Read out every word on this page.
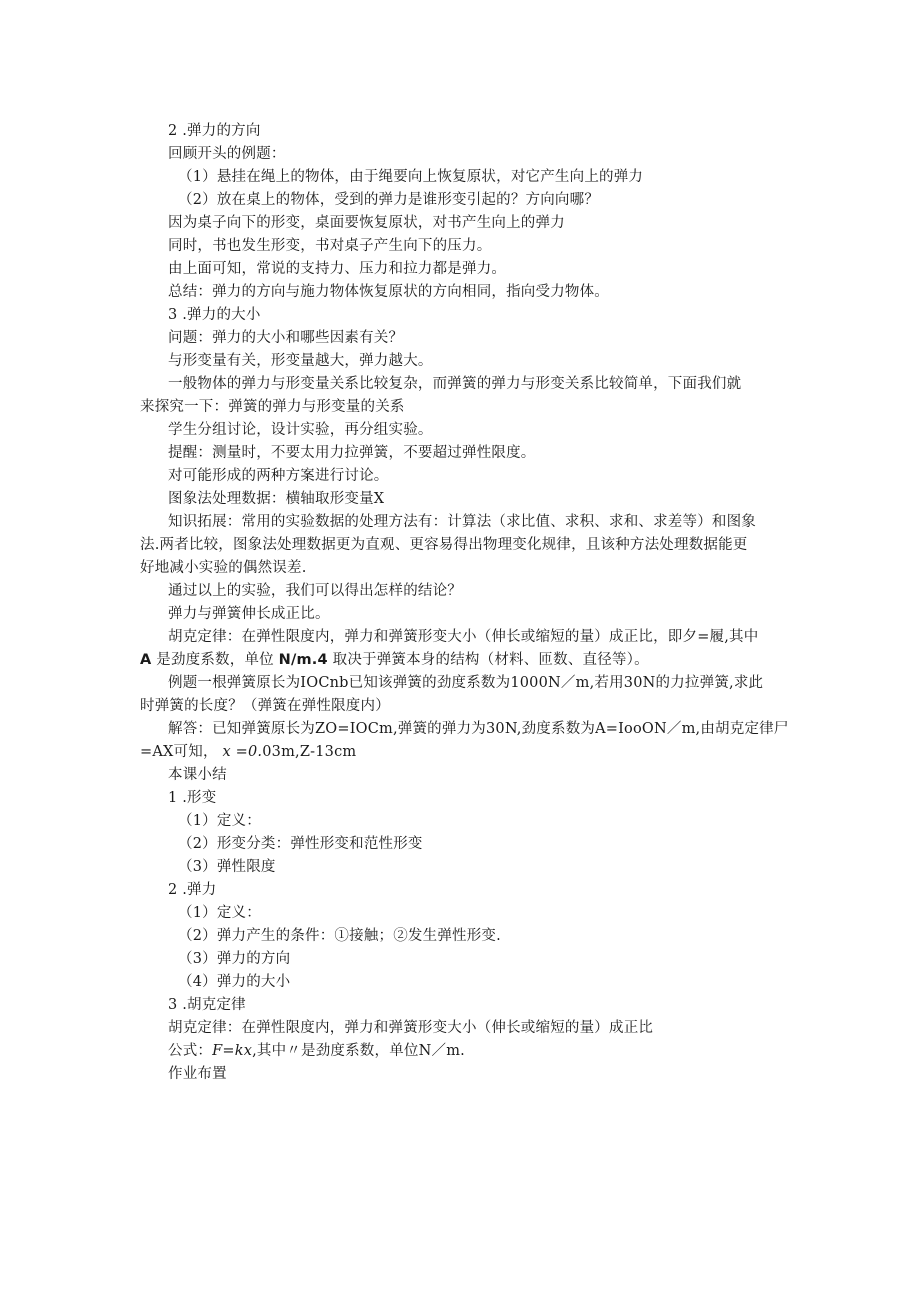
2 .弹力的方向
回顾开头的例题：
（1）悬挂在绳上的物体，由于绳要向上恢复原状，对它产生向上的弹力
（2）放在桌上的物体，受到的弹力是谁形变引起的？方向向哪？
因为桌子向下的形变，桌面要恢复原状，对书产生向上的弹力
同时，书也发生形变，书对桌子产生向下的压力。
由上面可知，常说的支持力、压力和拉力都是弹力。
总结：弹力的方向与施力物体恢复原状的方向相同，指向受力物体。
3 .弹力的大小
问题：弹力的大小和哪些因素有关？
与形变量有关，形变量越大，弹力越大。
一般物体的弹力与形变量关系比较复杂，而弹簧的弹力与形变关系比较简单，下面我们就
来探究一下：弹簧的弹力与形变量的关系
学生分组讨论，设计实验，再分组实验。
提醒：测量时，不要太用力拉弹簧，不要超过弹性限度。
对可能形成的两种方案进行讨论。
图象法处理数据：横轴取形变量X
知识拓展：常用的实验数据的处理方法有：计算法（求比值、求积、求和、求差等）和图象
法.两者比较，图象法处理数据更为直观、更容易得出物理变化规律，且该种方法处理数据能更
好地减小实验的偶然误差.
通过以上的实验，我们可以得出怎样的结论？
弹力与弹簧伸长成正比。
胡克定律：在弹性限度内，弹力和弹簧形变大小（伸长或缩短的量）成正比，即夕=履,其中
A 是劲度系数，单位 N/m.4 取决于弹簧本身的结构（材料、匝数、直径等）。
例题一根弹簧原长为IOCnb已知该弹簧的劲度系数为1000N／m,若用30N的力拉弹簧,求此
时弹簧的长度？（弹簧在弹性限度内）
解答：已知弹簧原长为ZO=IOCm,弹簧的弹力为30N,劲度系数为A=IooON／m,由胡克定律尸
=AX可知， x =0.03m,Z-13cm
本课小结
1 .形变
（1）定义：
（2）形变分类：弹性形变和范性形变
（3）弹性限度
2 .弹力
（1）定义：
（2）弹力产生的条件：①接触；②发生弹性形变.
（3）弹力的方向
（4）弹力的大小
3 .胡克定律
胡克定律：在弹性限度内，弹力和弹簧形变大小（伸长或缩短的量）成正比
公式：F=kx,其中〃是劲度系数，单位N／m.
作业布置
